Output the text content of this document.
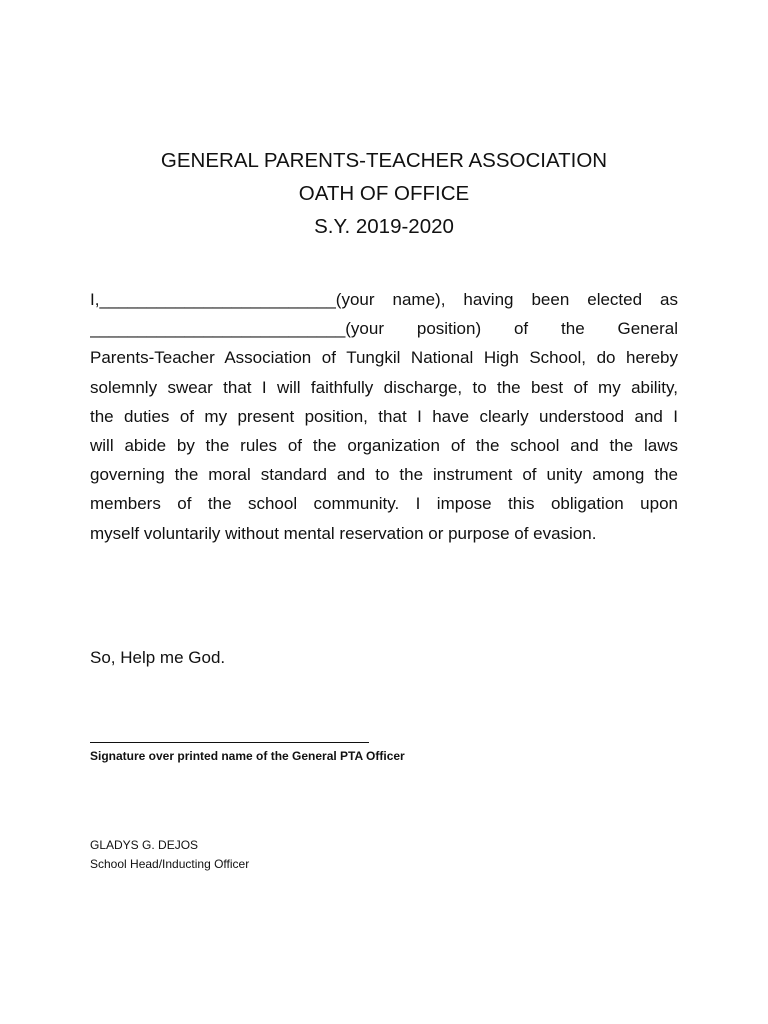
GENERAL PARENTS-TEACHER ASSOCIATION
OATH OF OFFICE
S.Y. 2019-2020
I,_________________________(your name), having been elected as
___________________________(your position) of the General
Parents-Teacher Association of Tungkil National High School, do hereby
solemnly swear that I will faithfully discharge, to the best of my ability,
the duties of my present position, that I have clearly understood and I
will abide by the rules of the organization of the school and the laws
governing the moral standard and to the instrument of unity among the
members of the school community. I impose this obligation upon
myself voluntarily without mental reservation or purpose of evasion.
So, Help me God.
Signature over printed name of the General PTA Officer
GLADYS G. DEJOS
School Head/Inducting Officer
